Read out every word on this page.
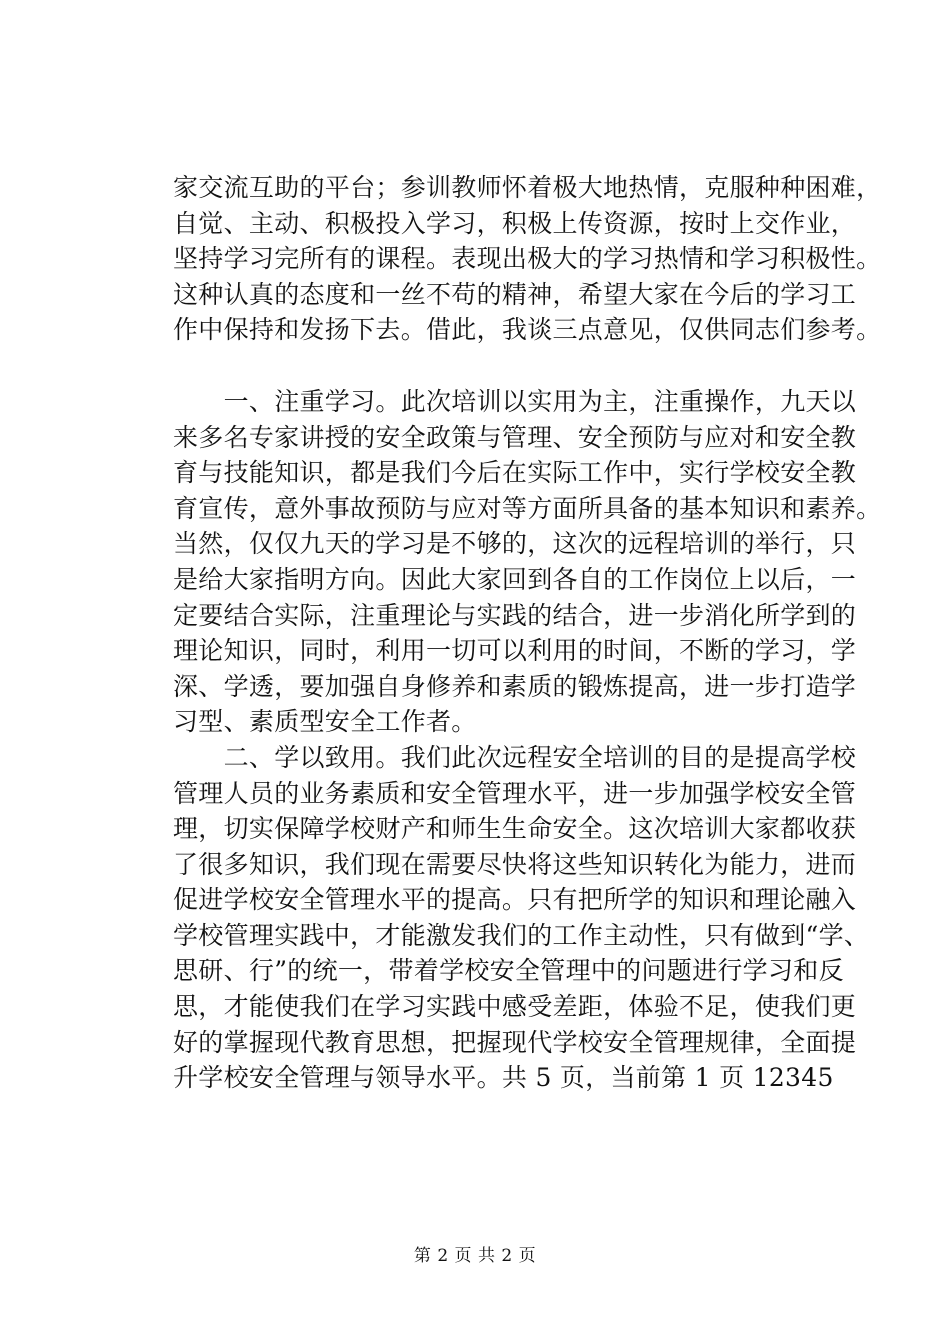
家交流互助的平台；参训教师怀着极大地热情，克服种种困难，
自觉、主动、积极投入学习，积极上传资源，按时上交作业，
坚持学习完所有的课程。表现出极大的学习热情和学习积极性。
这种认真的态度和一丝不苟的精神，希望大家在今后的学习工
作中保持和发扬下去。借此，我谈三点意见，仅供同志们参考。
　　一、注重学习。此次培训以实用为主，注重操作，九天以
来多名专家讲授的安全政策与管理、安全预防与应对和安全教
育与技能知识，都是我们今后在实际工作中，实行学校安全教
育宣传，意外事故预防与应对等方面所具备的基本知识和素养。
当然，仅仅九天的学习是不够的，这次的远程培训的举行，只
是给大家指明方向。因此大家回到各自的工作岗位上以后，一
定要结合实际，注重理论与实践的结合，进一步消化所学到的
理论知识，同时，利用一切可以利用的时间，不断的学习，学
深、学透，要加强自身修养和素质的锻炼提高，进一步打造学
习型、素质型安全工作者。
　　二、学以致用。我们此次远程安全培训的目的是提高学校
管理人员的业务素质和安全管理水平，进一步加强学校安全管
理，切实保障学校财产和师生生命安全。这次培训大家都收获
了很多知识，我们现在需要尽快将这些知识转化为能力，进而
促进学校安全管理水平的提高。只有把所学的知识和理论融入
学校管理实践中，才能激发我们的工作主动性，只有做到“学、
思研、行”的统一，带着学校安全管理中的问题进行学习和反
思，才能使我们在学习实践中感受差距，体验不足，使我们更
好的掌握现代教育思想，把握现代学校安全管理规律，全面提
升学校安全管理与领导水平。共 5 页，当前第 1 页 12345
第 2 页 共 2 页
